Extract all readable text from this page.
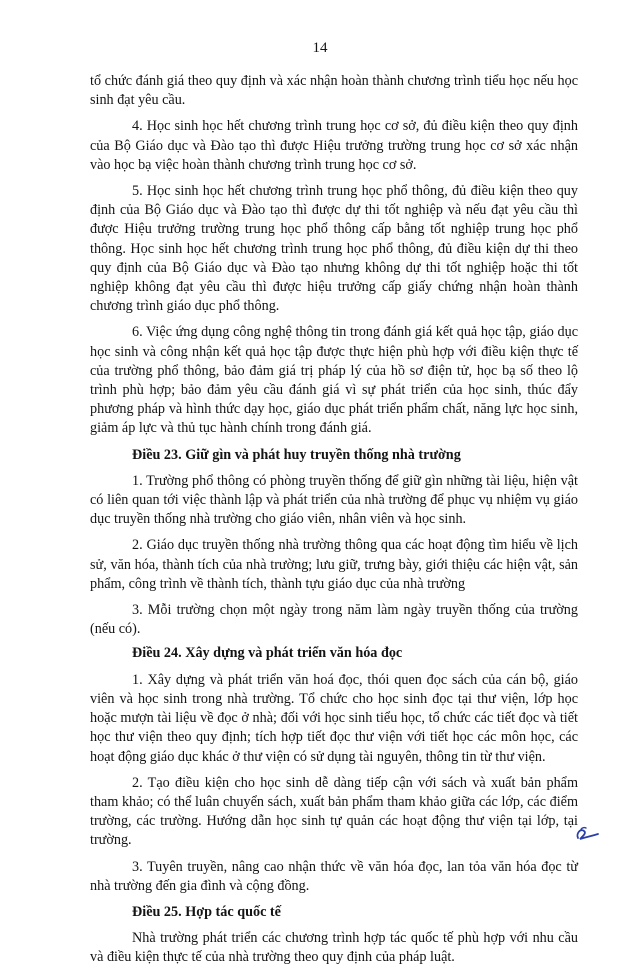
14

tổ chức đánh giá theo quy định và xác nhận hoàn thành chương trình tiểu học nếu học sinh đạt yêu cầu.

4. Học sinh học hết chương trình trung học cơ sở, đủ điều kiện theo quy định của Bộ Giáo dục và Đào tạo thì được Hiệu trưởng trường trung học cơ sở xác nhận vào học bạ việc hoàn thành chương trình trung học cơ sở.

5. Học sinh học hết chương trình trung học phổ thông, đủ điều kiện theo quy định của Bộ Giáo dục và Đào tạo thì được dự thi tốt nghiệp và nếu đạt yêu cầu thì được Hiệu trưởng trường trung học phổ thông cấp bằng tốt nghiệp trung học phổ thông. Học sinh học hết chương trình trung học phổ thông, đủ điều kiện dự thi theo quy định của Bộ Giáo dục và Đào tạo nhưng không dự thi tốt nghiệp hoặc thi tốt nghiệp không đạt yêu cầu thì được hiệu trưởng cấp giấy chứng nhận hoàn thành chương trình giáo dục phổ thông.

6. Việc ứng dụng công nghệ thông tin trong đánh giá kết quả học tập, giáo dục học sinh và công nhận kết quả học tập được thực hiện phù hợp với điều kiện thực tế của trường phổ thông, bảo đảm giá trị pháp lý của hồ sơ điện tử, học bạ số theo lộ trình phù hợp; bảo đảm yêu cầu đánh giá vì sự phát triển của học sinh, thúc đẩy phương pháp và hình thức dạy học, giáo dục phát triển phẩm chất, năng lực học sinh, giảm áp lực và thủ tục hành chính trong đánh giá.

Điều 23. Giữ gìn và phát huy truyền thống nhà trường

1. Trường phổ thông có phòng truyền thống để giữ gìn những tài liệu, hiện vật có liên quan tới việc thành lập và phát triển của nhà trường để phục vụ nhiệm vụ giáo dục truyền thống nhà trường cho giáo viên, nhân viên và học sinh.

2. Giáo dục truyền thống nhà trường thông qua các hoạt động tìm hiểu về lịch sử, văn hóa, thành tích của nhà trường; lưu giữ, trưng bày, giới thiệu các hiện vật, sản phẩm, công trình về thành tích, thành tựu giáo dục của nhà trường

3. Mỗi trường chọn một ngày trong năm làm ngày truyền thống của trường (nếu có).

Điều 24. Xây dựng và phát triển văn hóa đọc

1. Xây dựng và phát triển văn hoá đọc, thói quen đọc sách của cán bộ, giáo viên và học sinh trong nhà trường. Tổ chức cho học sinh đọc tại thư viện, lớp học hoặc mượn tài liệu về đọc ở nhà; đối với học sinh tiểu học, tổ chức các tiết đọc và tiết học thư viện theo quy định; tích hợp tiết đọc thư viện với tiết học các môn học, các hoạt động giáo dục khác ở thư viện có sử dụng tài nguyên, thông tin từ thư viện.

2. Tạo điều kiện cho học sinh dễ dàng tiếp cận với sách và xuất bản phẩm tham khảo; có thể luân chuyển sách, xuất bản phẩm tham khảo giữa các lớp, các điểm trường, các trường. Hướng dẫn học sinh tự quản các hoạt động thư viện tại lớp, tại trường.

3. Tuyên truyền, nâng cao nhận thức về văn hóa đọc, lan tỏa văn hóa đọc từ nhà trường đến gia đình và cộng đồng.

Điều 25. Hợp tác quốc tế

Nhà trường phát triển các chương trình hợp tác quốc tế phù hợp với nhu cầu và điều kiện thực tế của nhà trường theo quy định của pháp luật.
